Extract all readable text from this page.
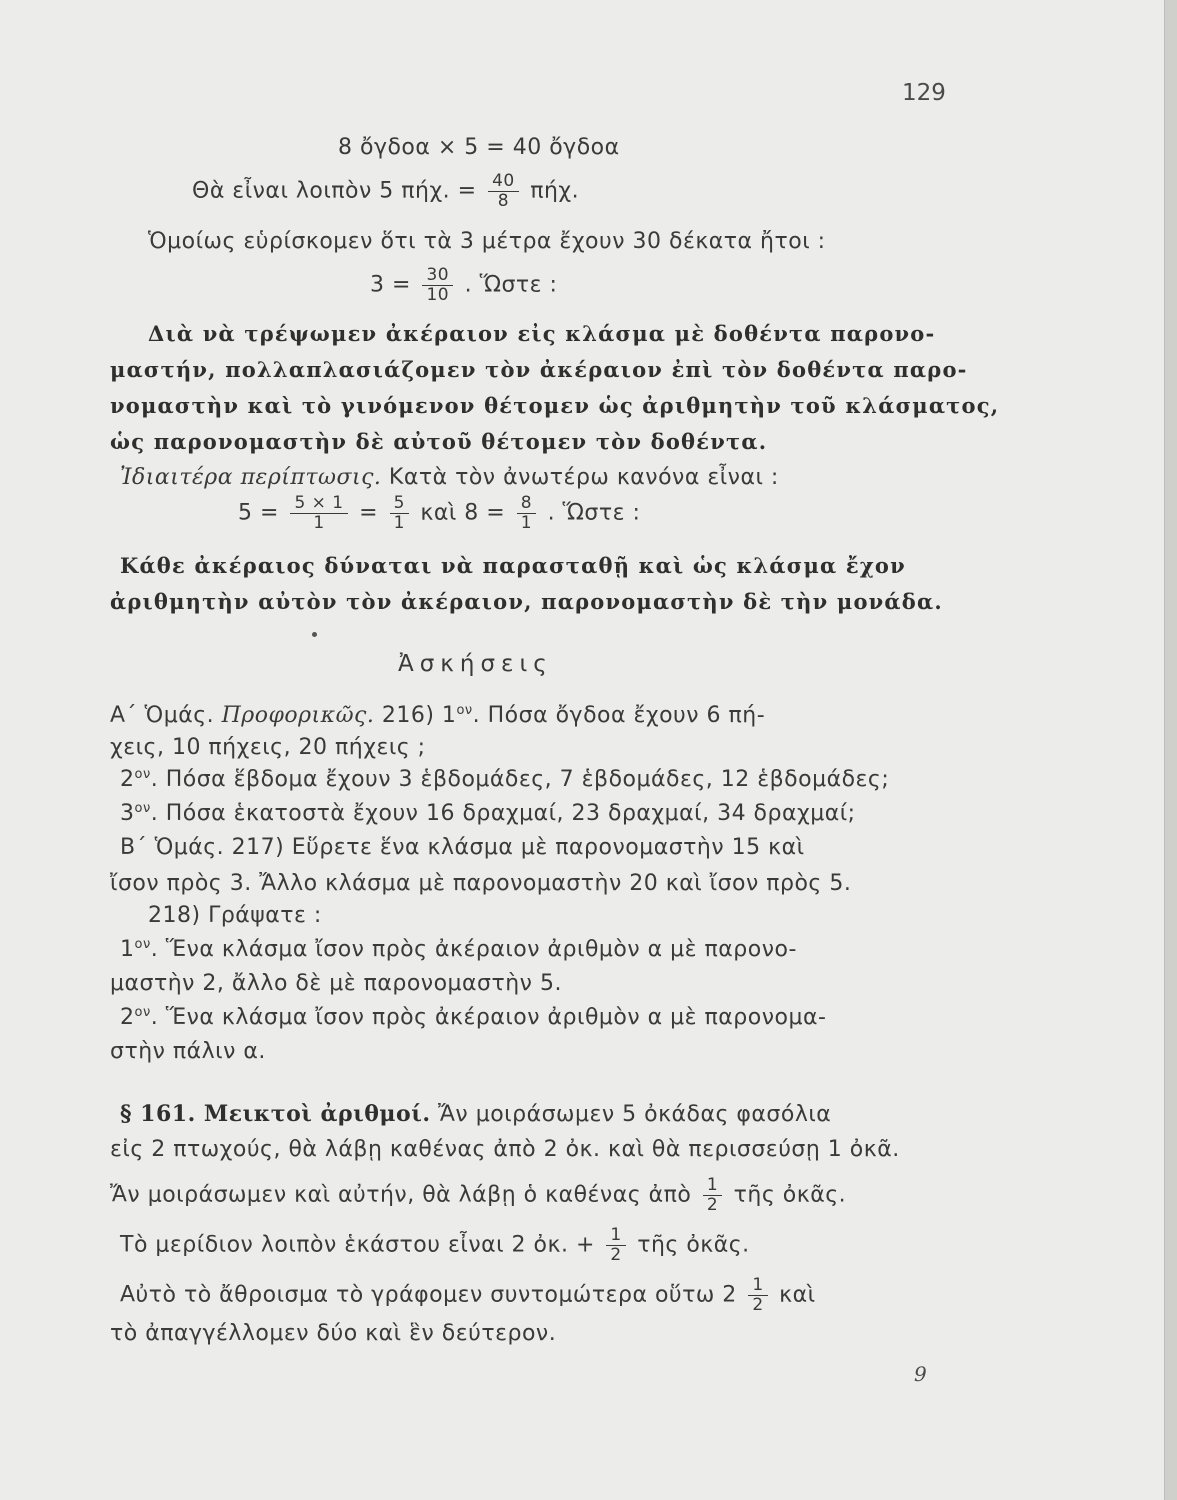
129
8 ὄγδοα × 5 = 40 ὄγδοα
Θὰ εἶναι λοιπὸν 5 πήχ. = $\frac{40}{8} \pi ή\chi$.
Ὁμοίως εὑρίσκομεν ὅτι τὰ 3 μέτρα ἔχουν 30 δέκατα ἤτοι :
$3 = \frac{30}{10}$ . Ὥστε :
Διὰ νὰ τρέψωμεν ἀκέραιον εἰς κλάσμα μὲ δοθέντα παρονο-
μαστήν, πολλαπλασιάζομεν τὸν ἀκέραιον ἐπὶ τὸν δοθέντα παρο-
νομαστὴν καὶ τὸ γινόμενον θέτομεν ὡς ἀριθμητὴν τοῦ κλάσματος,
ὡς παρονομαστὴν δὲ αὐτοῦ θέτομεν τὸν δοθέντα.
Ἰδιαιτέρα περίπτωσις. Κατὰ τὸν ἀνωτέρω κανόνα εἶναι :
$5 = \frac{5 \times 1}{1} = \frac{5}{1}$ καὶ $8 = \frac{8}{1}$ . Ὥστε :
Κάθε ἀκέραιος δύναται νὰ παρασταθῇ καὶ ὡς κλάσμα ἔχον
ἀριθμητὴν αὐτὸν τὸν ἀκέραιον, παρονομαστὴν δὲ τὴν μονάδα.
Ἀσκήσεις
Α΄ Ὁμάς. Προφορικῶς. 216) $1^{o\nu}$. Πόσα ὄγδοα ἔχουν 6 πή-
χεις, 10 πήχεις, 20 πήχεις ;
$2^{o\nu}$. Πόσα ἕβδομα ἔχουν 3 ἑβδομάδες, 7 ἑβδομάδες, 12 ἑβδομάδες;
$3^{o\nu}$. Πόσα ἑκατοστὰ ἔχουν 16 δραχμαί, 23 δραχμαί, 34 δραχμαί;
Β΄ Ὁμάς. 217) Εὕρετε ἕνα κλάσμα μὲ παρονομαστὴν 15 καὶ
ἴσον πρὸς 3. Ἄλλο κλάσμα μὲ παρονομαστὴν 20 καὶ ἴσον πρὸς 5.
218) Γράψατε :
$1^{o\nu}$. Ἕνα κλάσμα ἴσον πρὸς ἀκέραιον ἀριθμὸν α μὲ παρονο-
μαστὴν 2, ἄλλο δὲ μὲ παρονομαστὴν 5.
$2^{o\nu}$. Ἕνα κλάσμα ἴσον πρὸς ἀκέραιον ἀριθμὸν α μὲ παρονομα-
στὴν πάλιν α.
§ 161. Μεικτοὶ ἀριθμοί. Ἄν μοιράσωμεν 5 ὀκάδας φασόλια
εἰς 2 πτωχούς, θὰ λάβῃ καθένας ἀπὸ 2 ὀκ. καὶ θὰ περισσεύσῃ 1 ὀκᾶ.
Ἄν μοιράσωμεν καὶ αὐτήν, θὰ λάβῃ ὁ καθένας ἀπὸ $\frac{1}{2}$ τῆς ὀκᾶς.
Τὸ μερίδιον λοιπὸν ἑκάστου εἶναι 2 ὀκ. + $\frac{1}{2}$ τῆς ὀκᾶς.
Αὐτὸ τὸ ἄθροισμα τὸ γράφομεν συντομώτερα οὕτω $2 \frac{1}{2}$ καὶ
τὸ ἀπαγγέλλομεν δύο καὶ ἓν δεύτερον.
9
